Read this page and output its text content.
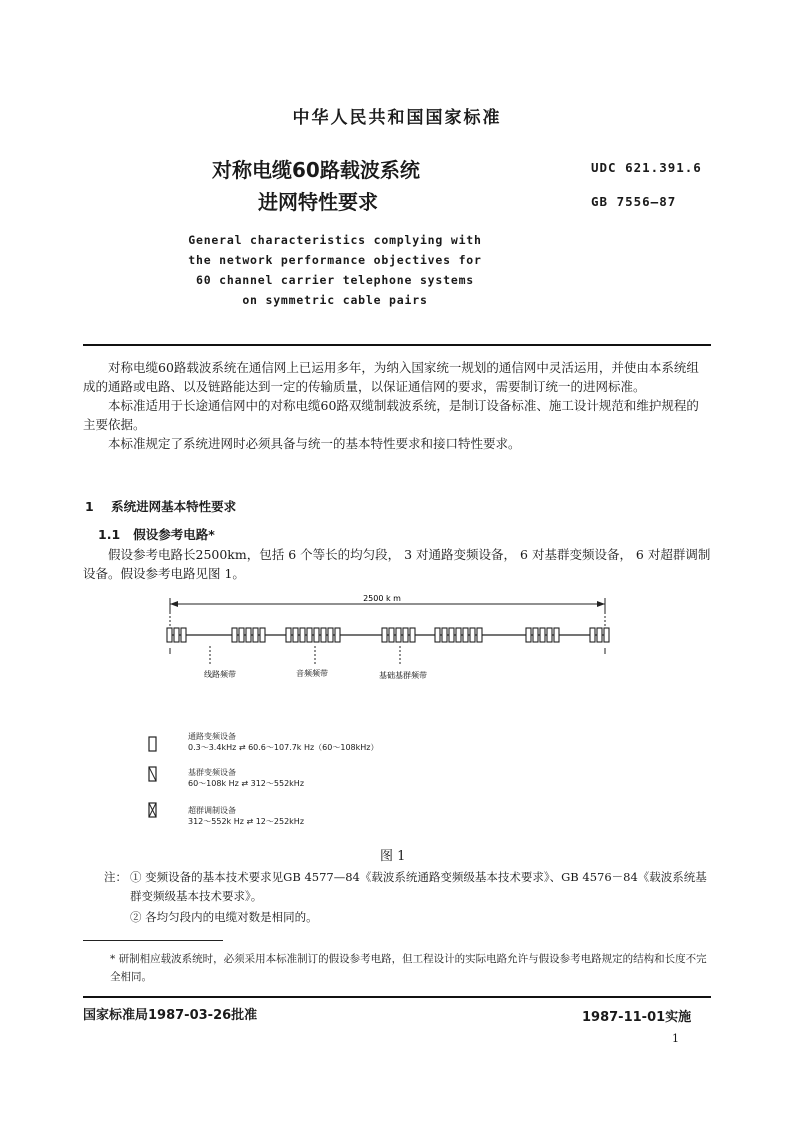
中华人民共和国国家标准
对称电缆60路载波系统
进网特性要求
UDC 621.391.6
GB 7556—87
General characteristics complying with
the network performance objectives for
60 channel carrier telephone systems
on symmetric cable pairs
对称电缆60路载波系统在通信网上已运用多年，为纳入国家统一规划的通信网中灵活运用，并使由本系统组成的通路或电路、以及链路能达到一定的传输质量，以保证通信网的要求，需要制订统一的进网标准。
本标准适用于长途通信网中的对称电缆60路双缆制载波系统，是制订设备标准、施工设计规范和维护规程的主要依据。
本标准规定了系统进网时必须具备与统一的基本特性要求和接口特性要求。
1 系统进网基本特性要求
1.1 假设参考电路*
假设参考电路长2500km，包括 6 个等长的均匀段， 3 对通路变频设备， 6 对基群变频设备， 6 对超群调制设备。假设参考电路见图 1。
2500 k m
线路频带	音频频带	基础基群频带
通路变频设备
0.3～3.4kHz ⇄ 60.6～107.7k Hz（60～108kHz）
基群变频设备
60～108k Hz ⇄ 312～552kHz
超群调制设备
312～552k Hz ⇄ 12～252kHz
图 1
注： ① 变频设备的基本技术要求见GB 4577—84《载波系统通路变频级基本技术要求》、GB 4576－84《载波系统基群变频级基本技术要求》。
② 各均匀段内的电缆对数是相同的。
* 研制相应载波系统时，必须采用本标准制订的假设参考电路，但工程设计的实际电路允许与假设参考电路规定的结构和长度不完全相同。
国家标准局1987-03-26批准	1987-11-01实施
1
